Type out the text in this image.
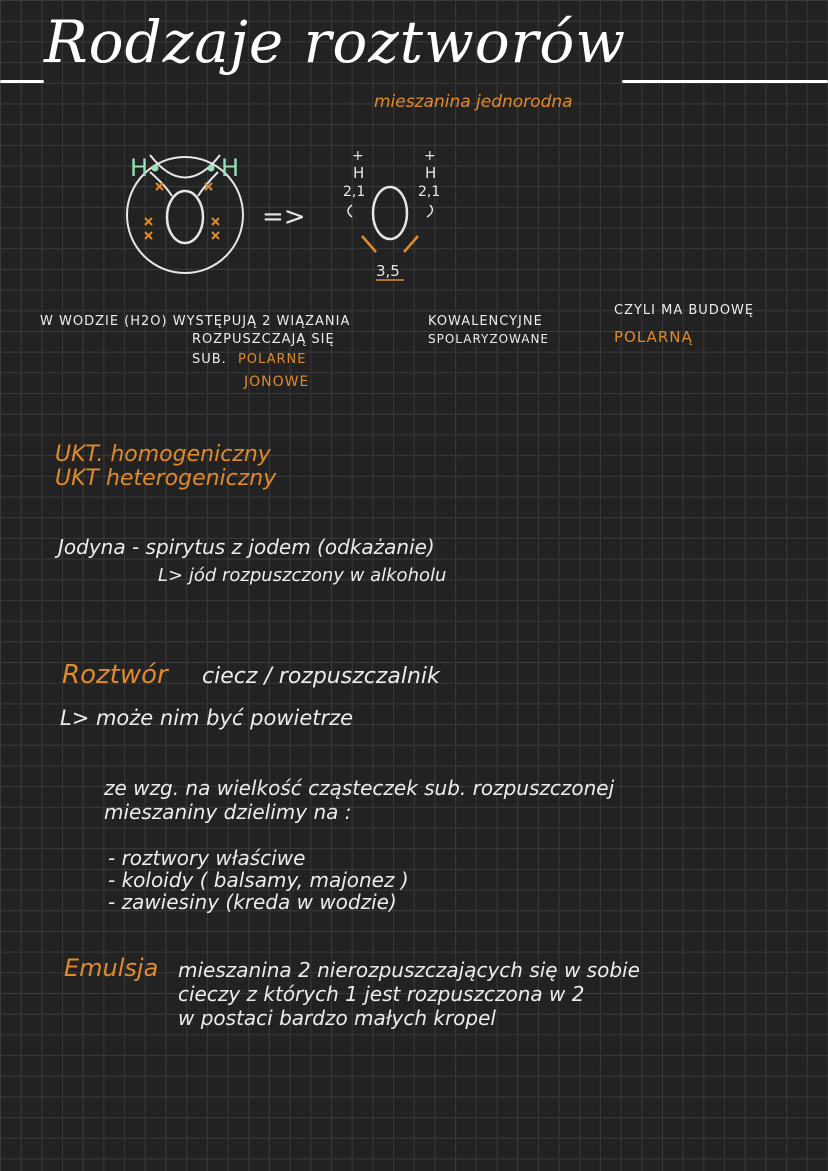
Rodzaje roztworów
mieszanina jednorodna
H	H
=>
+	+
H	H
2,1	2,1
3,5
W WODZIE (H2O) WYSTĘPUJĄ 2 WIĄZANIA	KOWALENCYJNE
ROZPUSZCZAJĄ SIĘ	SPOLARYZOWANE
CZYLI MA BUDOWĘ
POLARNĄ
SUB. POLARNE
JONOWE
UKT. homogeniczny
UKT heterogeniczny
Jodyna - spirytus z jodem (odkażanie)
L> jód rozpuszczony w alkoholu
Roztwór ciecz / rozpuszczalnik
L> może nim być powietrze
ze wzg. na wielkość cząsteczek sub. rozpuszczonej
mieszaniny dzielimy na :
- roztwory właściwe
- koloidy ( balsamy, majonez )
- zawiesiny (kreda w wodzie)
Emulsja mieszanina 2 nierozpuszczających się w sobie
cieczy z których 1 jest rozpuszczona w 2
w postaci bardzo małych kropel
